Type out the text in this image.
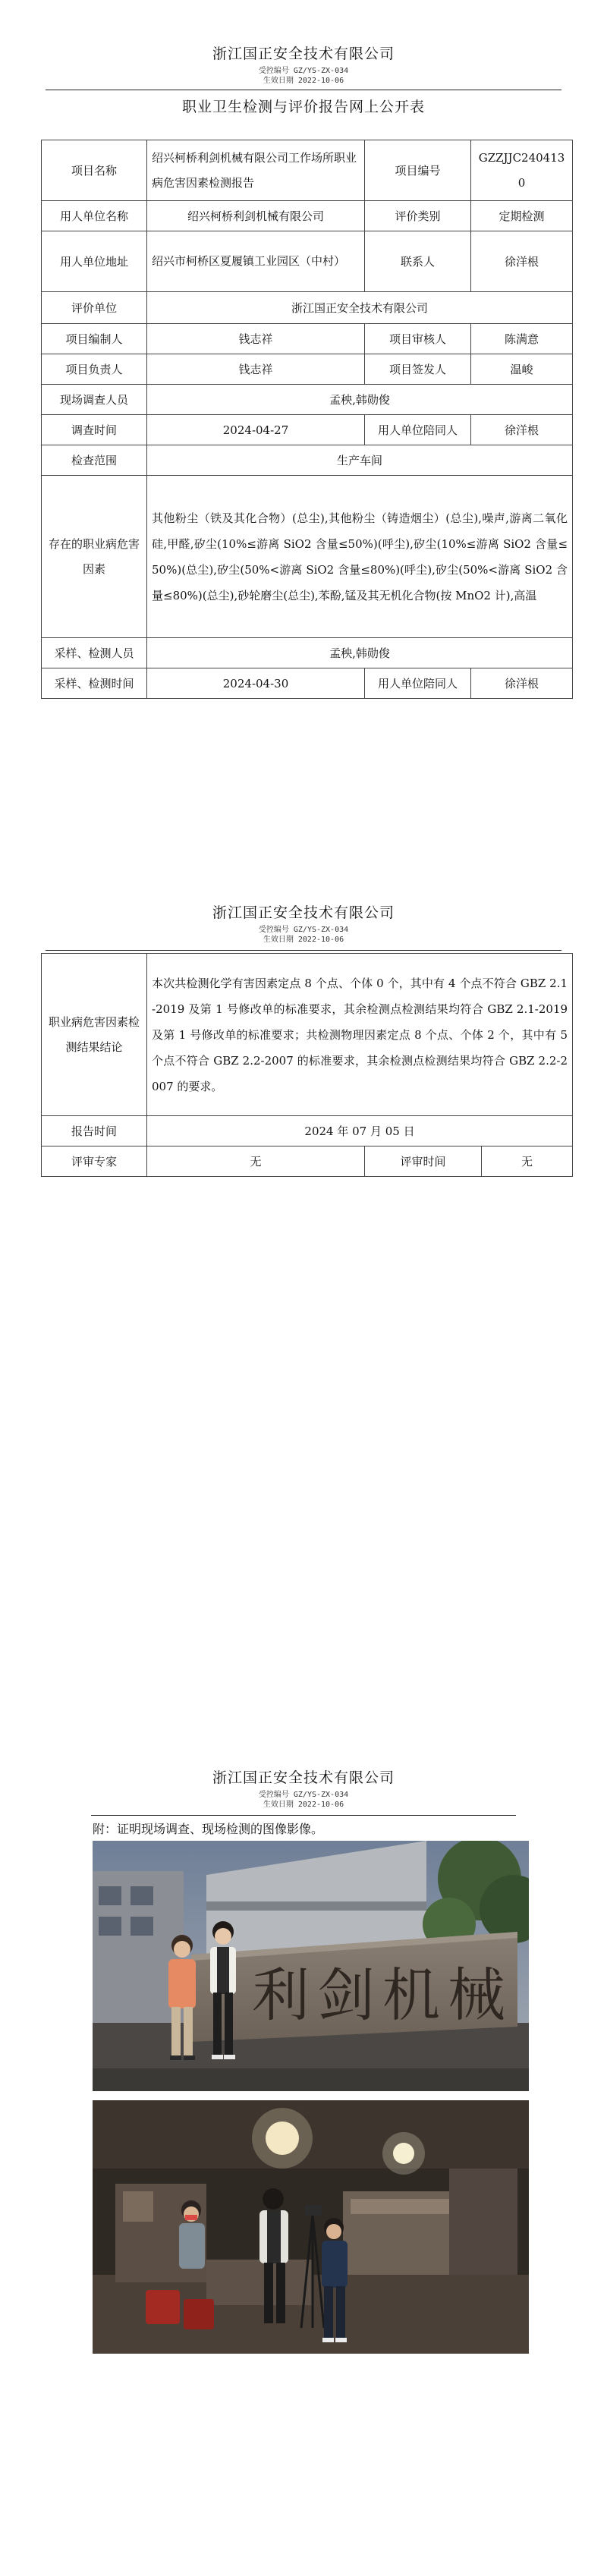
浙江国正安全技术有限公司
受控编号 GZ/YS-ZX-034
生效日期 2022-10-06
职业卫生检测与评价报告网上公开表
项目名称	绍兴柯桥利剑机械有限公司工作场所职业病危害因素检测报告	项目编号	GZZJJC2404130
用人单位名称	绍兴柯桥利剑机械有限公司	评价类别	定期检测
用人单位地址	绍兴市柯桥区夏履镇工业园区（中村）	联系人	徐洋根
评价单位	浙江国正安全技术有限公司		
项目编制人	钱志祥	项目审核人	陈满意
项目负责人	钱志祥	项目签发人	温峻
现场调查人员	孟秧,韩勋俊		
调查时间	2024-04-27	用人单位陪同人	徐洋根
检查范围	生产车间		
存在的职业病危害因素	其他粉尘（铁及其化合物）(总尘),其他粉尘（铸造烟尘）(总尘),噪声,游离二氧化硅,甲醛,矽尘(10%≤游离 SiO2 含量≤50%)(呼尘),矽尘(10%≤游离 SiO2 含量≤50%)(总尘),矽尘(50%<游离 SiO2 含量≤80%)(呼尘),矽尘(50%<游离 SiO2 含量≤80%)(总尘),砂轮磨尘(总尘),苯酚,锰及其无机化合物(按 MnO2 计),高温		
采样、检测人员	孟秧,韩勋俊		
采样、检测时间	2024-04-30	用人单位陪同人	徐洋根
浙江国正安全技术有限公司
受控编号 GZ/YS-ZX-034
生效日期 2022-10-06
职业病危害因素检测结果结论	本次共检测化学有害因素定点 8 个点、个体 0 个，其中有 4 个点不符合 GBZ 2.1-2019 及第 1 号修改单的标准要求，其余检测点检测结果均符合 GBZ 2.1-2019 及第 1 号修改单的标准要求；共检测物理因素定点 8 个点、个体 2 个，其中有 5 个点不符合 GBZ 2.2-2007 的标准要求，其余检测点检测结果均符合 GBZ 2.2-2007 的要求。		
报告时间	2024 年 07 月 05 日		
评审专家	无	评审时间	无
浙江国正安全技术有限公司
受控编号 GZ/YS-ZX-034
生效日期 2022-10-06
附：证明现场调查、现场检测的图像影像。
利剑机械
